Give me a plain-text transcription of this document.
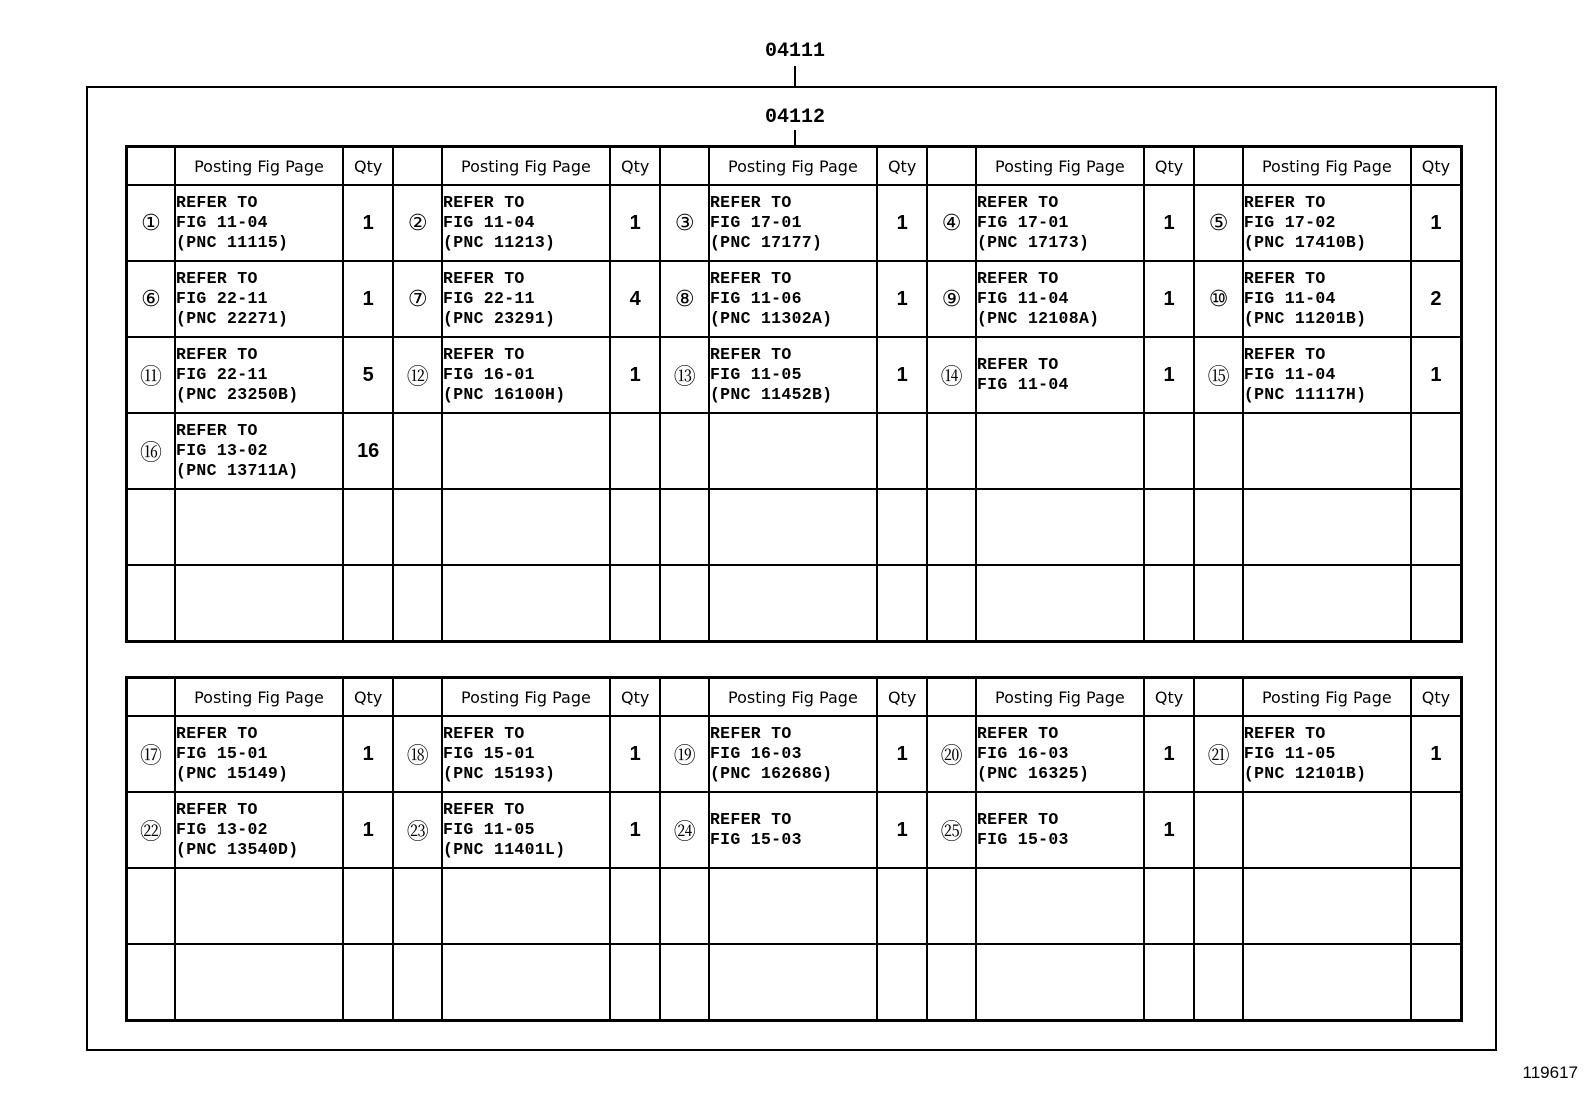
04111
04112
	Posting Fig Page	Qty		Posting Fig Page	Qty		Posting Fig Page	Qty		Posting Fig Page	Qty		Posting Fig Page	Qty
①	REFER TO
FIG 11-04
(PNC 11115)	1	②	REFER TO
FIG 11-04
(PNC 11213)	1	③	REFER TO
FIG 17-01
(PNC 17177)	1	④	REFER TO
FIG 17-01
(PNC 17173)	1	⑤	REFER TO
FIG 17-02
(PNC 17410B)	1
⑥	REFER TO
FIG 22-11
(PNC 22271)	1	⑦	REFER TO
FIG 22-11
(PNC 23291)	4	⑧	REFER TO
FIG 11-06
(PNC 11302A)	1	⑨	REFER TO
FIG 11-04
(PNC 12108A)	1	⑩	REFER TO
FIG 11-04
(PNC 11201B)	2
⑪	REFER TO
FIG 22-11
(PNC 23250B)	5	⑫	REFER TO
FIG 16-01
(PNC 16100H)	1	⑬	REFER TO
FIG 11-05
(PNC 11452B)	1	⑭	REFER TO
FIG 11-04	1	⑮	REFER TO
FIG 11-04
(PNC 11117H)	1
⑯	REFER TO
FIG 13-02
(PNC 13711A)	16												

	Posting Fig Page	Qty		Posting Fig Page	Qty		Posting Fig Page	Qty		Posting Fig Page	Qty		Posting Fig Page	Qty
⑰	REFER TO
FIG 15-01
(PNC 15149)	1	⑱	REFER TO
FIG 15-01
(PNC 15193)	1	⑲	REFER TO
FIG 16-03
(PNC 16268G)	1	⑳	REFER TO
FIG 16-03
(PNC 16325)	1	㉑	REFER TO
FIG 11-05
(PNC 12101B)	1
㉒	REFER TO
FIG 13-02
(PNC 13540D)	1	㉓	REFER TO
FIG 11-05
(PNC 11401L)	1	㉔	REFER TO
FIG 15-03	1	㉕	REFER TO
FIG 15-03	1			

119617
